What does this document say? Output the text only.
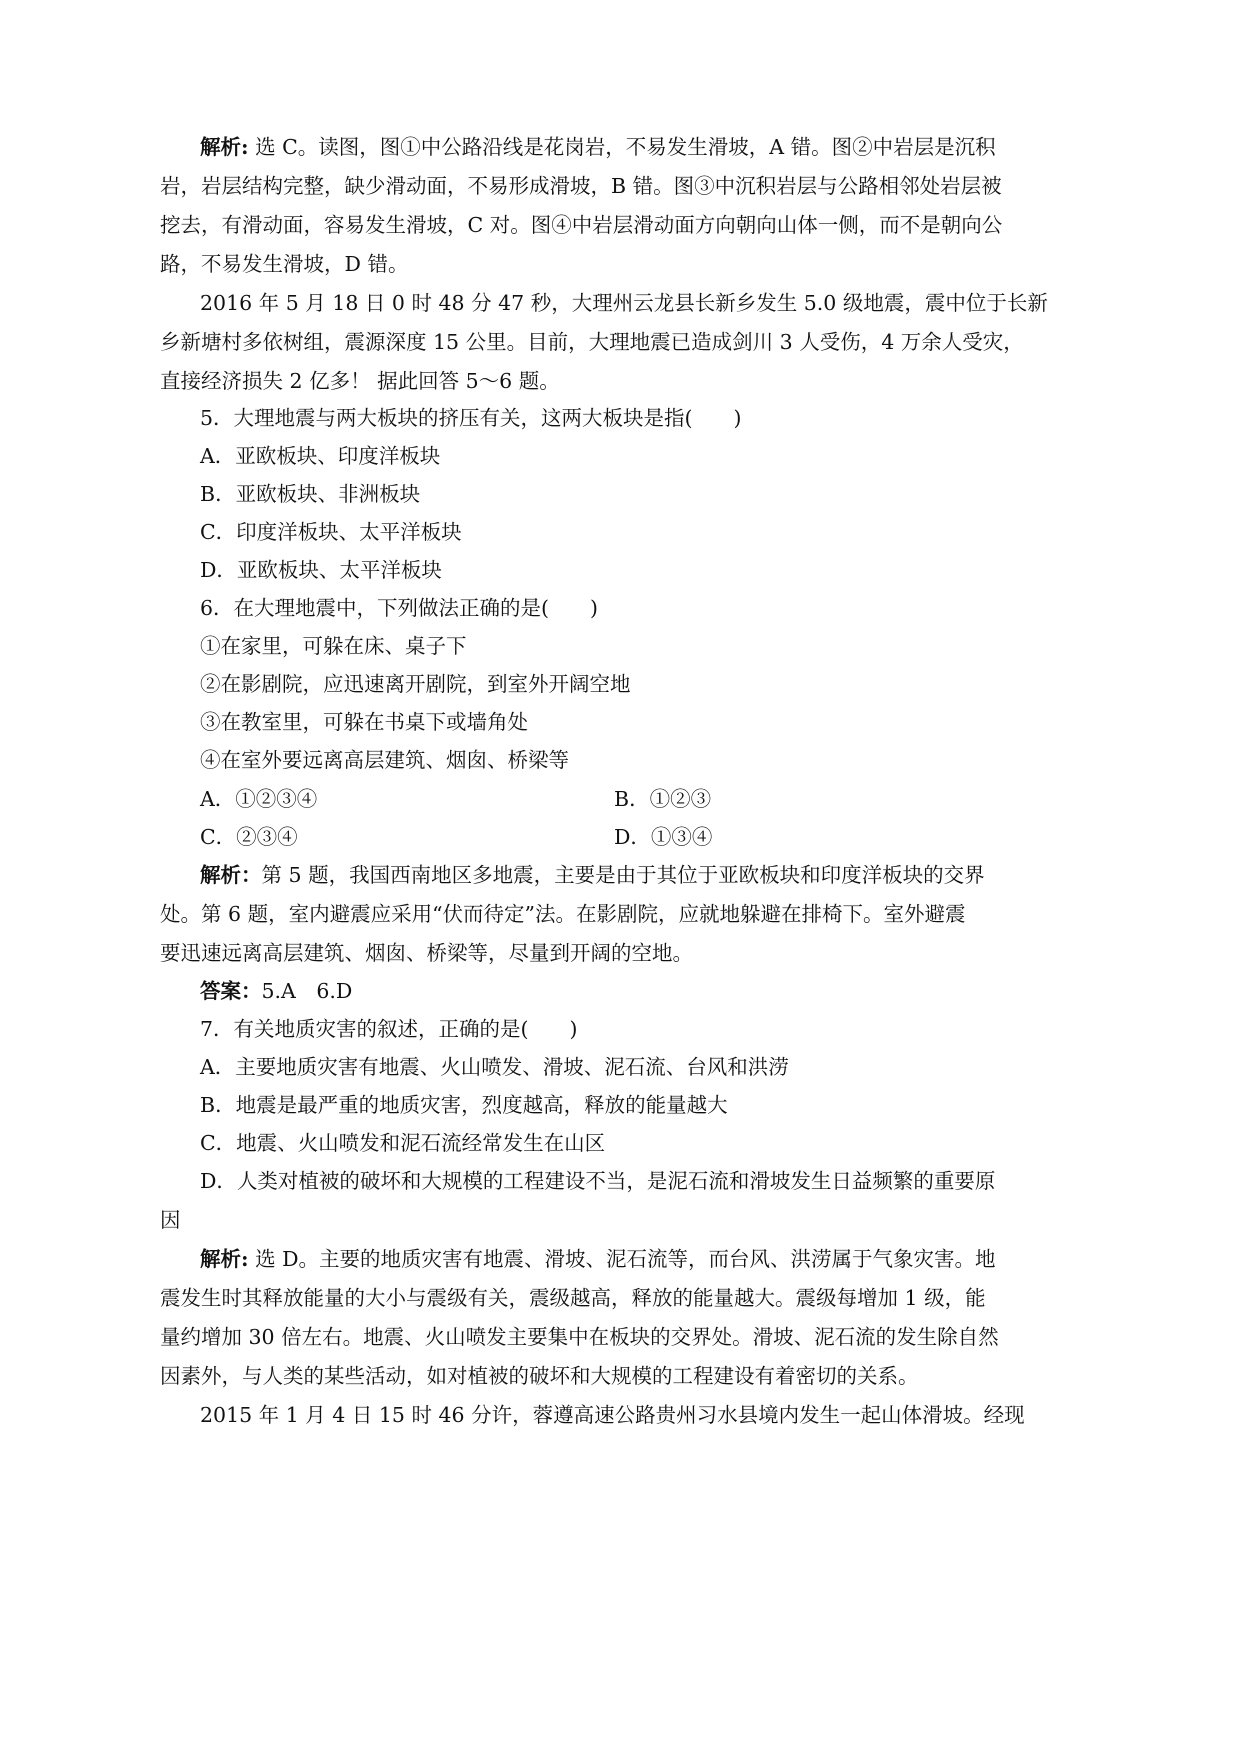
解析: 选 C。读图，图①中公路沿线是花岗岩，不易发生滑坡，A 错。图②中岩层是沉积
岩，岩层结构完整，缺少滑动面，不易形成滑坡，B 错。图③中沉积岩层与公路相邻处岩层被
挖去，有滑动面，容易发生滑坡，C 对。图④中岩层滑动面方向朝向山体一侧，而不是朝向公
路，不易发生滑坡，D 错。
2016 年 5 月 18 日 0 时 48 分 47 秒，大理州云龙县长新乡发生 5.0 级地震，震中位于长新
乡新塘村多依树组，震源深度 15 公里。目前，大理地震已造成剑川 3 人受伤，4 万余人受灾，
直接经济损失 2 亿多！ 据此回答 5～6 题。
5．大理地震与两大板块的挤压有关，这两大板块是指(　　)
A．亚欧板块、印度洋板块
B．亚欧板块、非洲板块
C．印度洋板块、太平洋板块
D．亚欧板块、太平洋板块
6．在大理地震中，下列做法正确的是(　　)
①在家里，可躲在床、桌子下
②在影剧院，应迅速离开剧院，到室外开阔空地
③在教室里，可躲在书桌下或墙角处
④在室外要远离高层建筑、烟囱、桥梁等
A．①②③④	B．①②③
C．②③④	D．①③④
解析：第 5 题，我国西南地区多地震，主要是由于其位于亚欧板块和印度洋板块的交界
处。第 6 题，室内避震应采用“伏而待定”法。在影剧院，应就地躲避在排椅下。室外避震
要迅速远离高层建筑、烟囱、桥梁等，尽量到开阔的空地。
答案：5.A　6.D
7．有关地质灾害的叙述，正确的是(　　)
A．主要地质灾害有地震、火山喷发、滑坡、泥石流、台风和洪涝
B．地震是最严重的地质灾害，烈度越高，释放的能量越大
C．地震、火山喷发和泥石流经常发生在山区
D．人类对植被的破坏和大规模的工程建设不当，是泥石流和滑坡发生日益频繁的重要原
因
解析: 选 D。主要的地质灾害有地震、滑坡、泥石流等，而台风、洪涝属于气象灾害。地
震发生时其释放能量的大小与震级有关，震级越高，释放的能量越大。震级每增加 1 级，能
量约增加 30 倍左右。地震、火山喷发主要集中在板块的交界处。滑坡、泥石流的发生除自然
因素外，与人类的某些活动，如对植被的破坏和大规模的工程建设有着密切的关系。
2015 年 1 月 4 日 15 时 46 分许，蓉遵高速公路贵州习水县境内发生一起山体滑坡。经现
